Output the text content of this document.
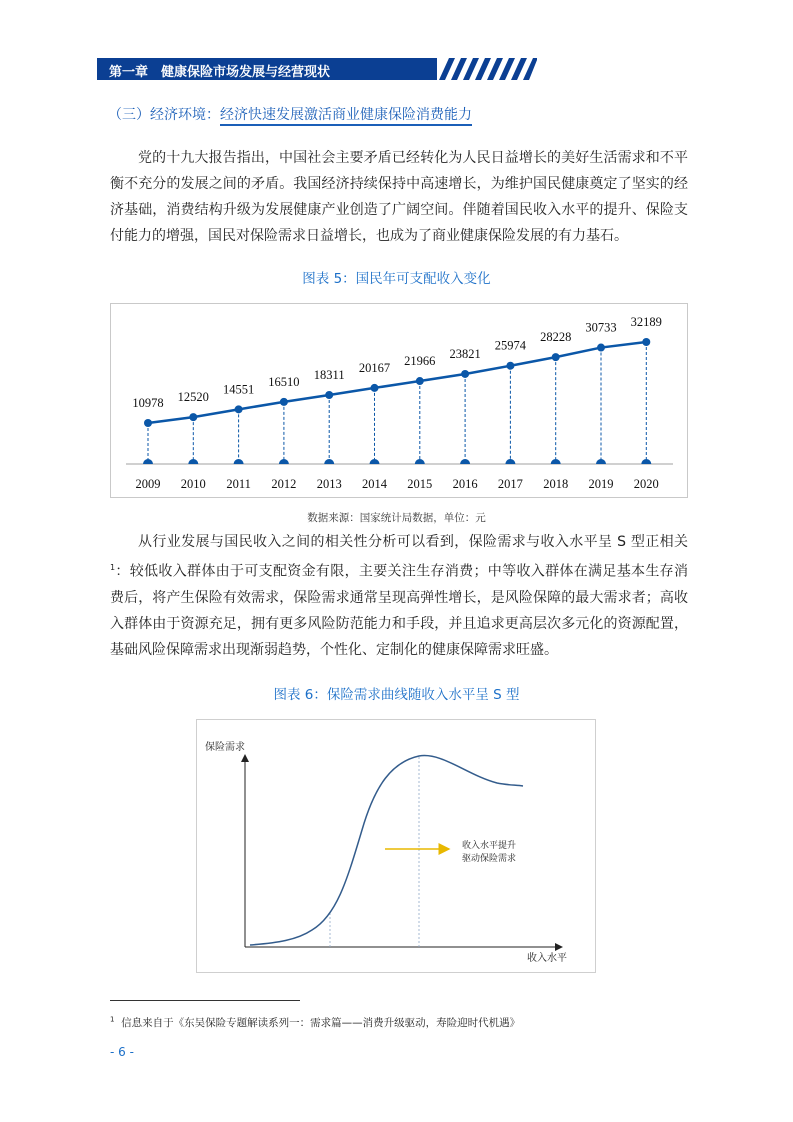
第一章　健康保险市场发展与经营现状
（三）经济环境：经济快速发展激活商业健康保险消费能力

党的十九大报告指出，中国社会主要矛盾已经转化为人民日益增长的美好生活需求和不平衡不充分的发展之间的矛盾。我国经济持续保持中高速增长，为维护国民健康奠定了坚实的经济基础，消费结构升级为发展健康产业创造了广阔空间。伴随着国民收入水平的提升、保险支付能力的增强，国民对保险需求日益增长，也成为了商业健康保险发展的有力基石。

图表 5：国民年可支配收入变化
10978
2009
12520
2010
14551
2011
16510
2012
18311
2013
20167
2014
21966
2015
23821
2016
25974
2017
28228
2018
30733
2019
32189
2020
数据来源：国家统计局数据，单位：元

从行业发展与国民收入之间的相关性分析可以看到，保险需求与收入水平呈 S 型正相关$^1$：较低收入群体由于可支配资金有限，主要关注生存消费；中等收入群体在满足基本生存消费后，将产生保险有效需求，保险需求通常呈现高弹性增长，是风险保障的最大需求者；高收入群体由于资源充足，拥有更多风险防范能力和手段，并且追求更高层次多元化的资源配置，基础风险保障需求出现渐弱趋势，个性化、定制化的健康保障需求旺盛。

图表 6：保险需求曲线随收入水平呈 S 型
保险需求
收入水平
收入水平提升
驱动保险需求
$^1$ 信息来自于《东吴保险专题解读系列一：需求篇——消费升级驱动，寿险迎时代机遇》
- 6 -
